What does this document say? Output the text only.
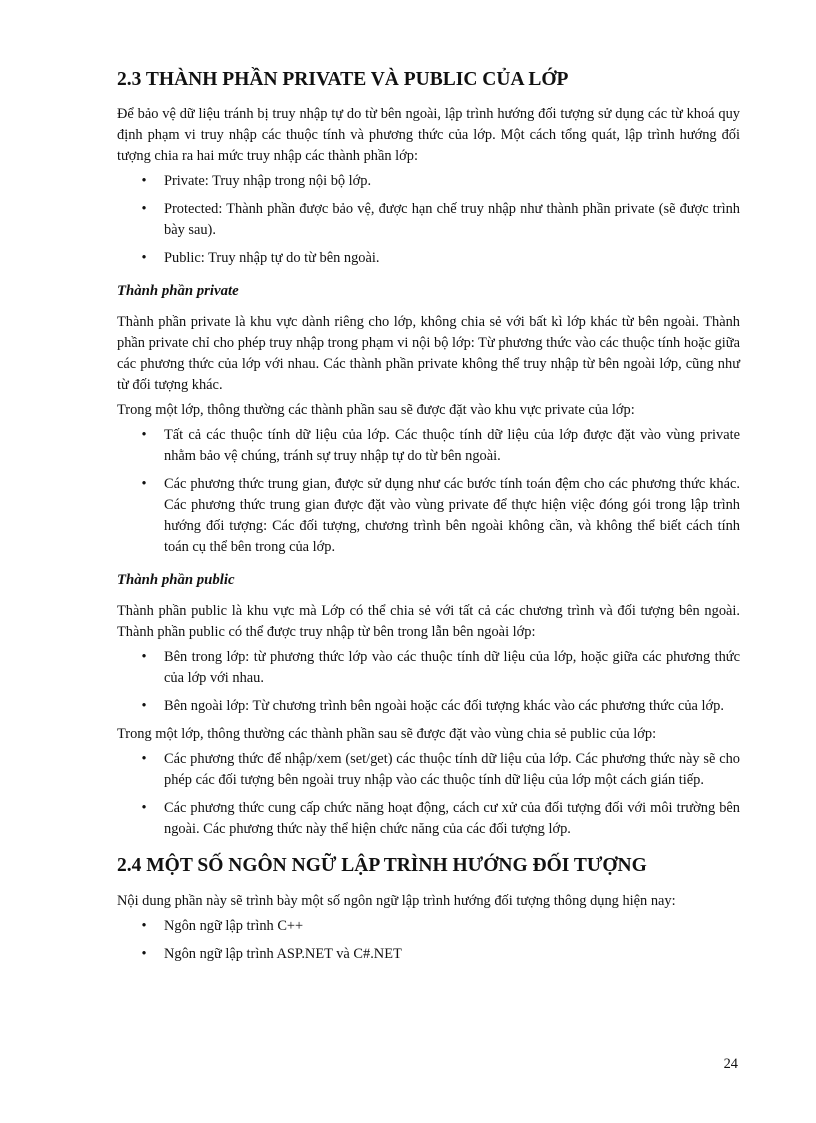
2.3 THÀNH PHẦN PRIVATE VÀ PUBLIC CỦA LỚP

Để bảo vệ dữ liệu tránh bị truy nhập tự do từ bên ngoài, lập trình hướng đối tượng sử dụng các từ khoá quy định phạm vi truy nhập các thuộc tính và phương thức của lớp. Một cách tổng quát, lập trình hướng đối tượng chia ra hai mức truy nhập các thành phần lớp:

• Private: Truy nhập trong nội bộ lớp.
• Protected: Thành phần được bảo vệ, được hạn chế truy nhập như thành phần private (sẽ được trình bày sau).
• Public: Truy nhập tự do từ bên ngoài.
Thành phần private

Thành phần private là khu vực dành riêng cho lớp, không chia sẻ với bất kì lớp khác từ bên ngoài. Thành phần private chỉ cho phép truy nhập trong phạm vi nội bộ lớp: Từ phương thức vào các thuộc tính hoặc giữa các phương thức của lớp với nhau. Các thành phần private không thể truy nhập từ bên ngoài lớp, cũng như từ đối tượng khác.

Trong một lớp, thông thường các thành phần sau sẽ được đặt vào khu vực private của lớp:

• Tất cả các thuộc tính dữ liệu của lớp. Các thuộc tính dữ liệu của lớp được đặt vào vùng private nhằm bảo vệ chúng, tránh sự truy nhập tự do từ bên ngoài.
• Các phương thức trung gian, được sử dụng như các bước tính toán đệm cho các phương thức khác. Các phương thức trung gian được đặt vào vùng private để thực hiện việc đóng gói trong lập trình hướng đối tượng: Các đối tượng, chương trình bên ngoài không cần, và không thể biết cách tính toán cụ thể bên trong của lớp.
Thành phần public

Thành phần public là khu vực mà Lớp có thể chia sẻ với tất cả các chương trình và đối tượng bên ngoài. Thành phần public có thể được truy nhập từ bên trong lẫn bên ngoài lớp:

• Bên trong lớp: từ phương thức lớp vào các thuộc tính dữ liệu của lớp, hoặc giữa các phương thức của lớp với nhau.
• Bên ngoài lớp: Từ chương trình bên ngoài hoặc các đối tượng khác vào các phương thức của lớp.

Trong một lớp, thông thường các thành phần sau sẽ được đặt vào vùng chia sẻ public của lớp:

• Các phương thức để nhập/xem (set/get) các thuộc tính dữ liệu của lớp. Các phương thức này sẽ cho phép các đối tượng bên ngoài truy nhập vào các thuộc tính dữ liệu của lớp một cách gián tiếp.
• Các phương thức cung cấp chức năng hoạt động, cách cư xử của đối tượng đối với môi trường bên ngoài. Các phương thức này thể hiện chức năng của các đối tượng lớp.
2.4 MỘT SỐ NGÔN NGỮ LẬP TRÌNH HƯỚNG ĐỐI TƯỢNG

Nội dung phần này sẽ trình bày một số ngôn ngữ lập trình hướng đối tượng thông dụng hiện nay:

• Ngôn ngữ lập trình C++
• Ngôn ngữ lập trình ASP.NET và C#.NET
24
